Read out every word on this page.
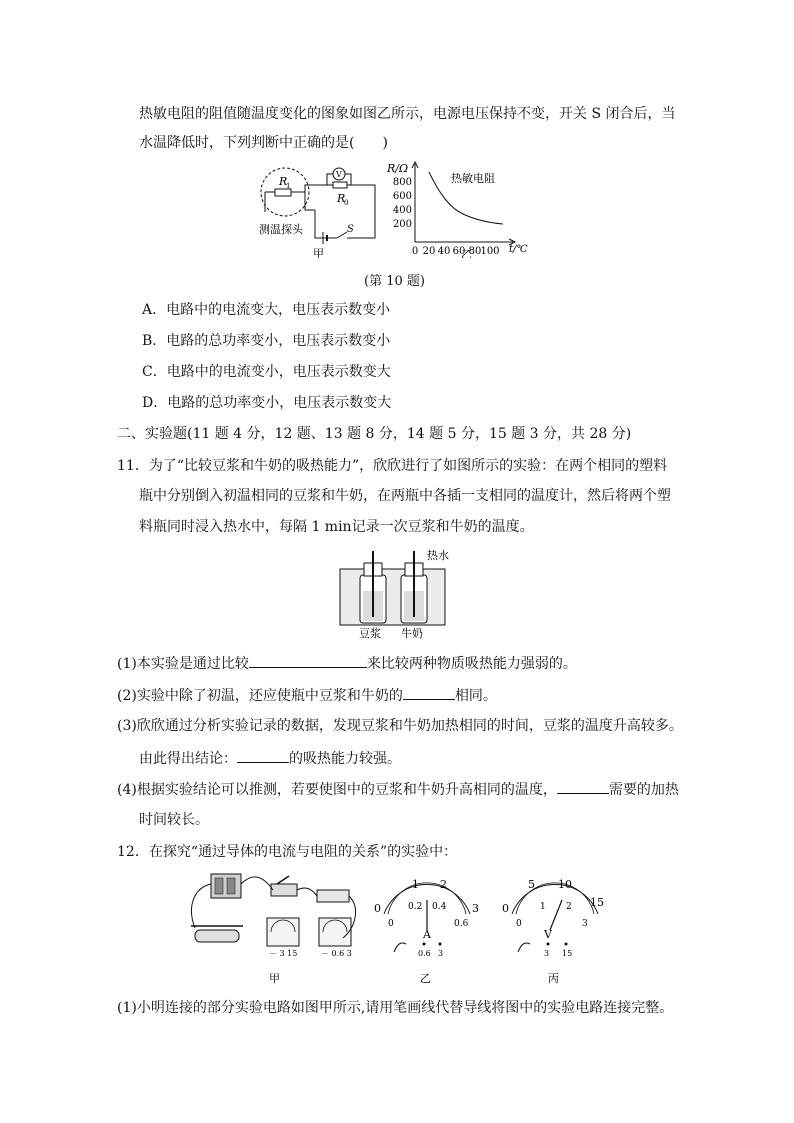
热敏电阻的阻值随温度变化的图象如图乙所示，电源电压保持不变，开关 S 闭合后，当
水温降低时，下列判断中正确的是(　　)
R
1
V
R
0
S
测温探头
甲
R/Ω
800
600
400
200
0 20 40 60 80 100 t/℃
热敏电阻
乙
(第 10 题)
A．电路中的电流变大，电压表示数变小
B．电路的总功率变小，电压表示数变小
C．电路中的电流变小，电压表示数变大
D．电路的总功率变小，电压表示数变大
二、实验题(11 题 4 分，12 题、13 题 8 分，14 题 5 分，15 题 3 分，共 28 分)
11．为了“比较豆浆和牛奶的吸热能力”，欣欣进行了如图所示的实验：在两个相同的塑料
瓶中分别倒入初温相同的豆浆和牛奶，在两瓶中各插一支相同的温度计，然后将两个塑
料瓶同时浸入热水中，每隔 1 min记录一次豆浆和牛奶的温度。
热水
豆浆 牛奶
(1)本实验是通过比较	来比较两种物质吸热能力强弱的。
(2)实验中除了初温，还应使瓶中豆浆和牛奶的	相同。
(3)欣欣通过分析实验记录的数据，发现豆浆和牛奶加热相同的时间，豆浆的温度升高较多。
由此得出结论：	的吸热能力较强。
(4)根据实验结论可以推测，若要使图中的豆浆和牛奶升高相同的温度，	需要的加热
时间较长。
12．在探究“通过导体的电流与电阻的关系”的实验中：
－ 3 15	－ 0.6 3
甲
1 2
3
0
0
0.2 0.4
0.6
A
0.6 3
乙
5 10
15
0
0
1 2
3
V
3 15
丙
(1)小明连接的部分实验电路如图甲所示,请用笔画线代替导线将图中的实验电路连接完整。
